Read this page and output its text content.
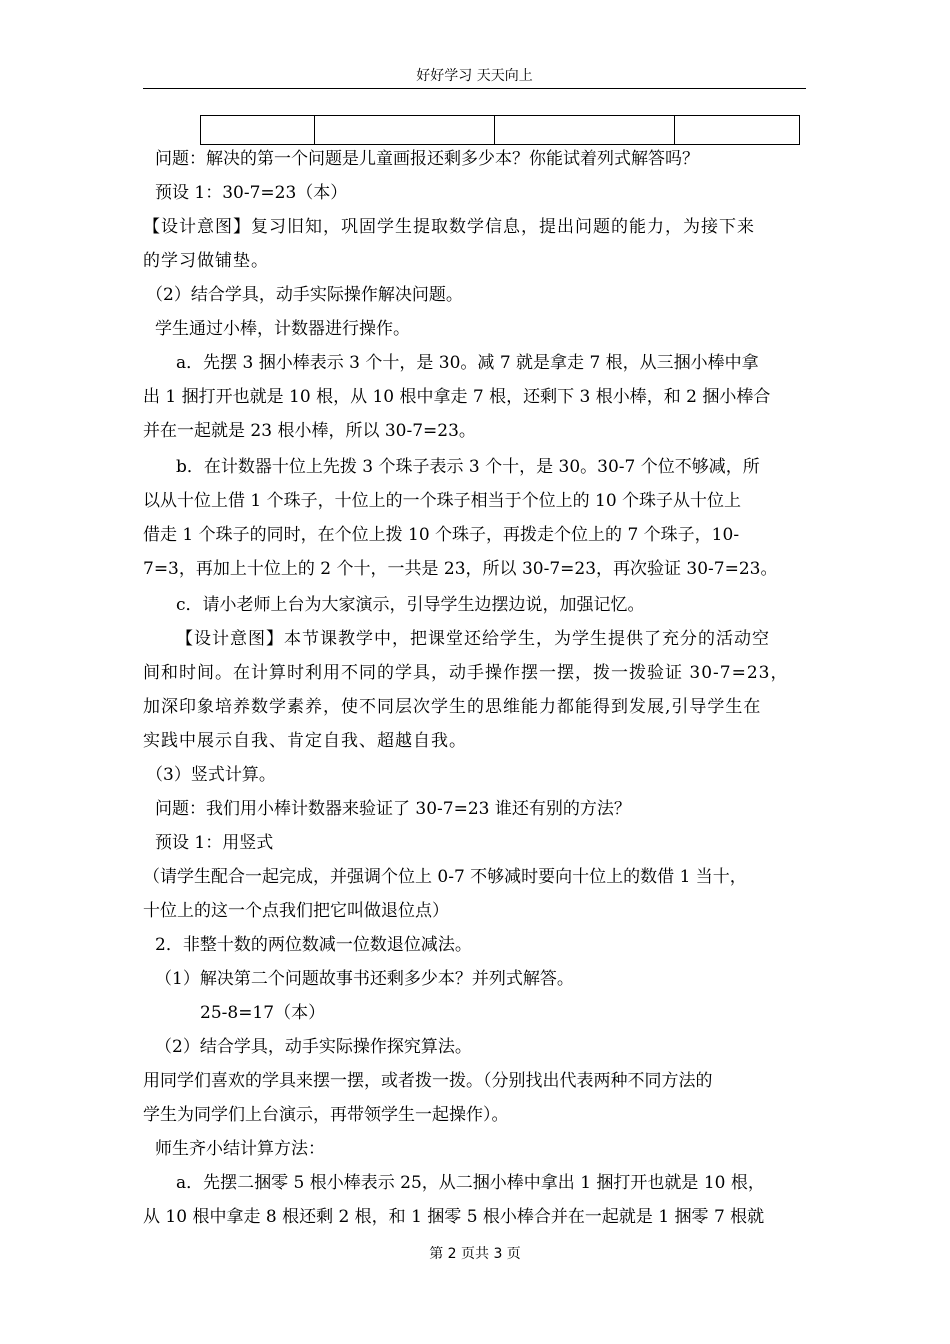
好好学习 天天向上

问题：解决的第一个问题是儿童画报还剩多少本？你能试着列式解答吗？
预设 1：30-7=23（本）
【设计意图】复习旧知，巩固学生提取数学信息，提出问题的能力，为接下来
的学习做铺垫。
（2）结合学具，动手实际操作解决问题。
学生通过小棒，计数器进行操作。
a．先摆 3 捆小棒表示 3 个十，是 30。减 7 就是拿走 7 根，从三捆小棒中拿
出 1 捆打开也就是 10 根，从 10 根中拿走 7 根，还剩下 3 根小棒，和 2 捆小棒合
并在一起就是 23 根小棒，所以 30-7=23。
b．在计数器十位上先拨 3 个珠子表示 3 个十，是 30。30-7 个位不够减，所
以从十位上借 1 个珠子，十位上的一个珠子相当于个位上的 10 个珠子从十位上
借走 1 个珠子的同时，在个位上拨 10 个珠子，再拨走个位上的 7 个珠子，10-
7=3，再加上十位上的 2 个十，一共是 23，所以 30-7=23，再次验证 30-7=23。
c．请小老师上台为大家演示，引导学生边摆边说，加强记忆。
【设计意图】本节课教学中，把课堂还给学生，为学生提供了充分的活动空
间和时间。在计算时利用不同的学具，动手操作摆一摆，拨一拨验证 30-7=23，
加深印象培养数学素养，使不同层次学生的思维能力都能得到发展,引导学生在
实践中展示自我、肯定自我、超越自我。
（3）竖式计算。
问题：我们用小棒计数器来验证了 30-7=23 谁还有别的方法？
预设 1：用竖式
（请学生配合一起完成，并强调个位上 0-7 不够减时要向十位上的数借 1 当十，
十位上的这一个点我们把它叫做退位点）
2．非整十数的两位数减一位数退位减法。
（1）解决第二个问题故事书还剩多少本？并列式解答。
25-8=17（本）
（2）结合学具，动手实际操作探究算法。
用同学们喜欢的学具来摆一摆，或者拨一拨。（分别找出代表两种不同方法的
学生为同学们上台演示，再带领学生一起操作）。
师生齐小结计算方法：
a．先摆二捆零 5 根小棒表示 25，从二捆小棒中拿出 1 捆打开也就是 10 根，
从 10 根中拿走 8 根还剩 2 根，和 1 捆零 5 根小棒合并在一起就是 1 捆零 7 根就
第 2 页共 3 页
